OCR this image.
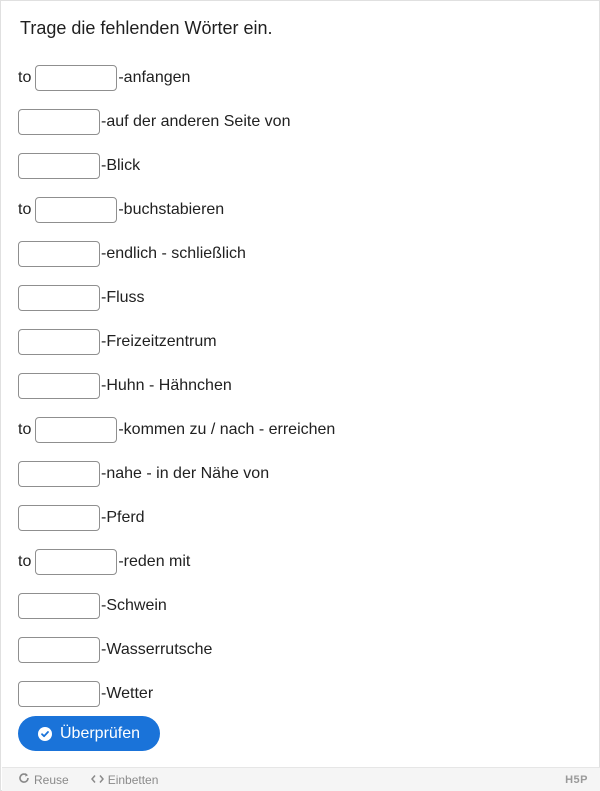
Trage die fehlenden Wörter ein.
to	-anfangen
-auf der anderen Seite von
-Blick
to	-buchstabieren
-endlich - schließlich
-Fluss
-Freizeitzentrum
-Huhn - Hähnchen
to	-kommen zu / nach - erreichen
-nahe - in der Nähe von
-Pferd
to	-reden mit
-Schwein
-Wasserrutsche
-Wetter
Überprüfen
Reuse	Einbetten	H5P
